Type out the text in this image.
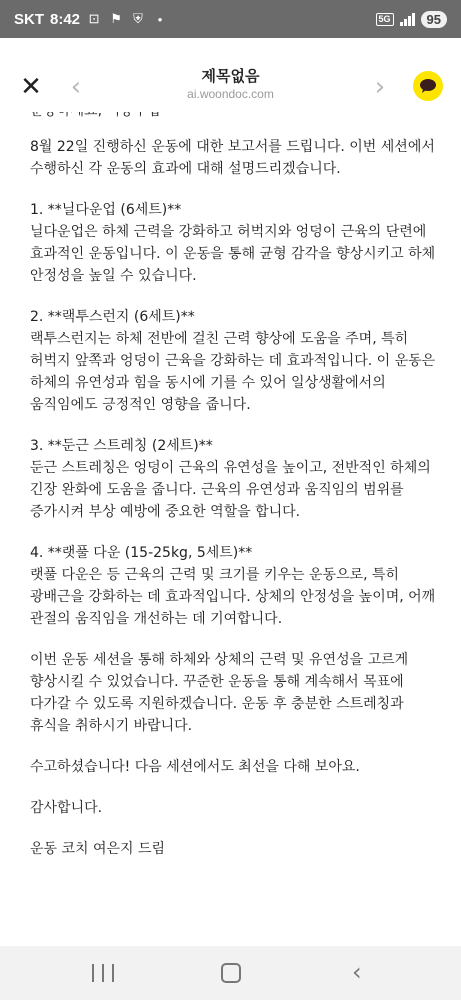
SKT 8:42 ⊡ ⚑ ⛨	•	5G	95
✕ ‹	제목없음
ai.woondoc.com	›

8월 22일 진행하신 운동에 대한 보고서를 드립니다. 이번 세션에서 수행하신 각 운동의 효과에 대해 설명드리겠습니다.

1. **닐다운업 (6세트)**
닐다운업은 하체 근력을 강화하고 허벅지와 엉덩이 근육의 단련에 효과적인 운동입니다. 이 운동을 통해 균형 감각을 향상시키고 하체 안정성을 높일 수 있습니다.

2. **랙투스런지 (6세트)**
랙투스런지는 하체 전반에 걸친 근력 향상에 도움을 주며, 특히 허벅지 앞쪽과 엉덩이 근육을 강화하는 데 효과적입니다. 이 운동은 하체의 유연성과 힘을 동시에 기를 수 있어 일상생활에서의 움직임에도 긍정적인 영향을 줍니다.

3. **둔근 스트레칭 (2세트)**
둔근 스트레칭은 엉덩이 근육의 유연성을 높이고, 전반적인 하체의 긴장 완화에 도움을 줍니다. 근육의 유연성과 움직임의 범위를 증가시켜 부상 예방에 중요한 역할을 합니다.

4. **랫풀 다운 (15-25kg, 5세트)**
랫풀 다운은 등 근육의 근력 및 크기를 키우는 운동으로, 특히 광배근을 강화하는 데 효과적입니다. 상체의 안정성을 높이며, 어깨 관절의 움직임을 개선하는 데 기여합니다.

이번 운동 세션을 통해 하체와 상체의 근력 및 유연성을 고르게 향상시킬 수 있었습니다. 꾸준한 운동을 통해 계속해서 목표에 다가갈 수 있도록 지원하겠습니다. 운동 후 충분한 스트레칭과 휴식을 취하시기 바랍니다.

수고하셨습니다! 다음 세션에서도 최선을 다해 보아요.

감사합니다.

운동 코치 여은지 드림

‹
